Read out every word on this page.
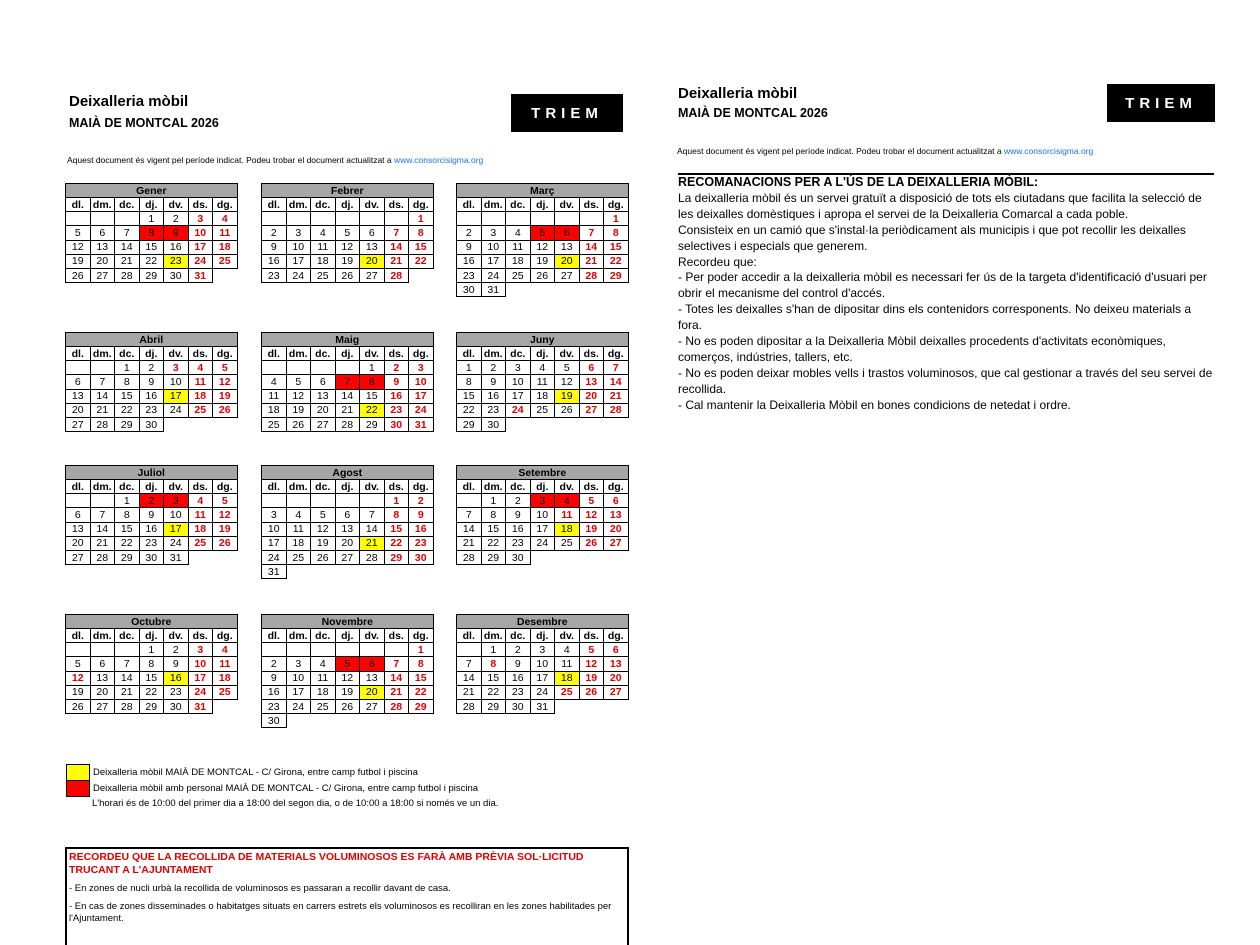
Deixalleria mòbil
MAIÀ DE MONTCAL 2026
TRIEM
Aquest document és vigent pel període indicat. Podeu trobar el document actualitzat a www.consorcisigma.org
Gener						
dl.	dm.	dc.	dj.	dv.	ds.	dg.
			1	2	3	4
5	6	7	8	9	10	11
12	13	14	15	16	17	18
19	20	21	22	23	24	25
26	27	28	29	30	31	
Febrer						
dl.	dm.	dc.	dj.	dv.	ds.	dg.
						1
2	3	4	5	6	7	8
9	10	11	12	13	14	15
16	17	18	19	20	21	22
23	24	25	26	27	28	
Març						
dl.	dm.	dc.	dj.	dv.	ds.	dg.
						1
2	3	4	5	6	7	8
9	10	11	12	13	14	15
16	17	18	19	20	21	22
23	24	25	26	27	28	29
30	31					
Abril						
dl.	dm.	dc.	dj.	dv.	ds.	dg.
		1	2	3	4	5
6	7	8	9	10	11	12
13	14	15	16	17	18	19
20	21	22	23	24	25	26
27	28	29	30			
Maig						
dl.	dm.	dc.	dj.	dv.	ds.	dg.
				1	2	3
4	5	6	7	8	9	10
11	12	13	14	15	16	17
18	19	20	21	22	23	24
25	26	27	28	29	30	31
Juny						
dl.	dm.	dc.	dj.	dv.	ds.	dg.
1	2	3	4	5	6	7
8	9	10	11	12	13	14
15	16	17	18	19	20	21
22	23	24	25	26	27	28
29	30					
Juliol						
dl.	dm.	dc.	dj.	dv.	ds.	dg.
		1	2	3	4	5
6	7	8	9	10	11	12
13	14	15	16	17	18	19
20	21	22	23	24	25	26
27	28	29	30	31		
Agost						
dl.	dm.	dc.	dj.	dv.	ds.	dg.
					1	2
3	4	5	6	7	8	9
10	11	12	13	14	15	16
17	18	19	20	21	22	23
24	25	26	27	28	29	30
31						
Setembre						
dl.	dm.	dc.	dj.	dv.	ds.	dg.
	1	2	3	4	5	6
7	8	9	10	11	12	13
14	15	16	17	18	19	20
21	22	23	24	25	26	27
28	29	30				
Octubre						
dl.	dm.	dc.	dj.	dv.	ds.	dg.
			1	2	3	4
5	6	7	8	9	10	11
12	13	14	15	16	17	18
19	20	21	22	23	24	25
26	27	28	29	30	31	
Novembre						
dl.	dm.	dc.	dj.	dv.	ds.	dg.
						1
2	3	4	5	6	7	8
9	10	11	12	13	14	15
16	17	18	19	20	21	22
23	24	25	26	27	28	29
30						
Desembre						
dl.	dm.	dc.	dj.	dv.	ds.	dg.
	1	2	3	4	5	6
7	8	9	10	11	12	13
14	15	16	17	18	19	20
21	22	23	24	25	26	27
28	29	30	31			
Deixalleria mòbil MAIÀ DE MONTCAL - C/ Girona, entre camp futbol i piscina
Deixalleria mòbil amb personal MAIÀ DE MONTCAL - C/ Girona, entre camp futbol i piscina
L'horari és de 10:00 del primer dia a 18:00 del segon dia, o de 10:00 a 18:00 si només ve un dia.
RECORDEU QUE LA RECOLLIDA DE MATERIALS VOLUMINOSOS ES FARÀ AMB PRÈVIA SOL·LICITUD TRUCANT A L'AJUNTAMENT

- En zones de nucli urbà la recollida de voluminosos es passaran a recollir davant de casa.

- En cas de zones disseminades o habitatges situats en carrers estrets els voluminosos es recolliran en les zones habilitades per l'Ajuntament.

Deixalleria mòbil
MAIÀ DE MONTCAL 2026
TRIEM
Aquest document és vigent pel període indicat. Podeu trobar el document actualitzat a www.consorcisigma.org
RECOMANACIONS PER A L'ÚS DE LA DEIXALLERIA MÒBIL:
La deixalleria mòbil és un servei gratuït a disposició de tots els ciutadans que facilita la selecció de les deixalles domèstiques i apropa el servei de la Deixalleria Comarcal a cada poble.
Consisteix en un camió que s'instal·la periòdicament als municipis i que pot recollir les deixalles selectives i especials que generem.
Recordeu que:
- Per poder accedir a la deixalleria mòbil es necessari fer ús de la targeta d'identificació d'usuari per obrir el mecanisme del control d'accés.
- Totes les deixalles s'han de dipositar dins els contenidors corresponents. No deixeu materials a fora.
- No es poden dipositar a la Deixalleria Mòbil deixalles procedents d'activitats econòmiques, comerços, indústries, tallers, etc.
- No es poden deixar mobles vells i trastos voluminosos, que cal gestionar a través del seu servei de recollida.
- Cal mantenir la Deixalleria Mòbil en bones condicions de netedat i ordre.
